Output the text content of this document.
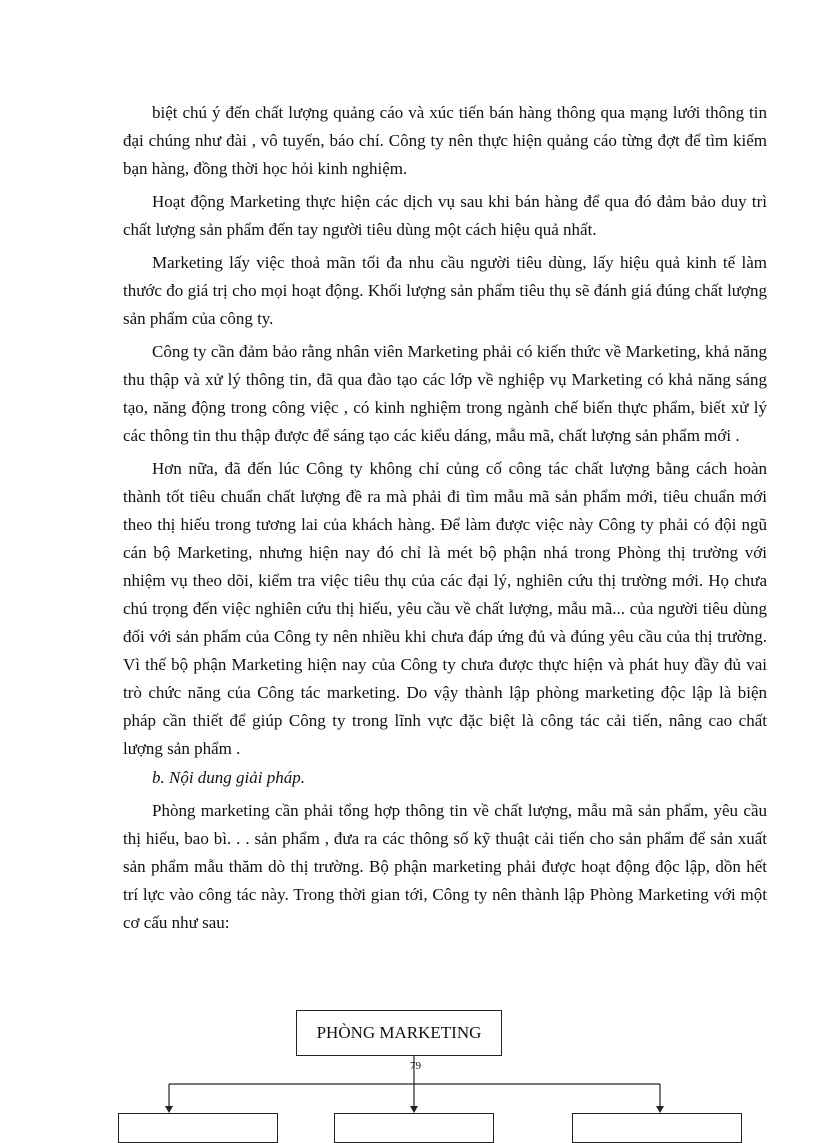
biệt chú ý đến chất lượng quảng cáo và xúc tiến bán hàng thông qua mạng lưới thông tin đại chúng như đài , vô tuyến, báo chí. Công ty nên thực hiện quảng cáo từng đợt để tìm kiếm bạn hàng, đồng thời học hỏi kinh nghiệm.

Hoạt động Marketing thực hiện các dịch vụ sau khi bán hàng để qua đó đảm bảo duy trì chất lượng sản phẩm đến tay người tiêu dùng một cách hiệu quả nhất.

Marketing lấy việc thoả mãn tối đa nhu cầu người tiêu dùng, lấy hiệu quả kinh tế làm thước đo giá trị cho mọi hoạt động. Khối lượng sản phẩm tiêu thụ sẽ đánh giá đúng chất lượng sản phẩm của công ty.

Công ty cần đảm bảo rằng nhân viên Marketing phải có kiến thức về Marketing, khả năng thu thập và xử lý thông tin, đã qua đào tạo các lớp về nghiệp vụ Marketing có khả năng sáng tạo, năng động trong công việc , có kinh nghiệm trong ngành chế biến thực phẩm, biết xử lý các thông tin thu thập được để sáng tạo các kiểu dáng, mẫu mã, chất lượng sản phẩm mới .

Hơn nữa, đã đến lúc Công ty không chỉ củng cố công tác chất lượng bằng cách hoàn thành tốt tiêu chuẩn chất lượng đề ra mà phải đi tìm mẫu mã sản phẩm mới, tiêu chuẩn mới theo thị hiếu trong tương lai của khách hàng. Để làm được việc này Công ty phải có đội ngũ cán bộ Marketing, nhưng hiện nay đó chỉ là mét bộ phận nhá trong Phòng thị trường với nhiệm vụ theo dõi, kiểm tra việc tiêu thụ của các đại lý, nghiên cứu thị trường mới. Họ chưa chú trọng đến việc nghiên cứu thị hiếu, yêu cầu về chất lượng, mẫu mã... của người tiêu dùng đối với sản phẩm của Công ty nên nhiều khi chưa đáp ứng đủ và đúng yêu cầu của thị trường. Vì thế bộ phận Marketing hiện nay của Công ty chưa được thực hiện và phát huy đầy đủ vai trò chức năng của Công tác marketing. Do vậy thành lập phòng marketing độc lập là biện pháp cần thiết để giúp Công ty trong lĩnh vực đặc biệt là công tác cải tiến, nâng cao chất lượng sản phẩm .

b. Nội dung giải pháp.

Phòng marketing cần phải tổng hợp thông tin về chất lượng, mẫu mã sản phẩm, yêu cầu thị hiếu, bao bì. . . sản phẩm , đưa ra các thông số kỹ thuật cải tiến cho sản phẩm để sản xuất sản phẩm mẫu thăm dò thị trường. Bộ phận marketing phải được hoạt động độc lập, dồn hết trí lực vào công tác này. Trong thời gian tới, Công ty nên thành lập Phòng Marketing với một cơ cấu như sau:

PHÒNG MARKETING
79
